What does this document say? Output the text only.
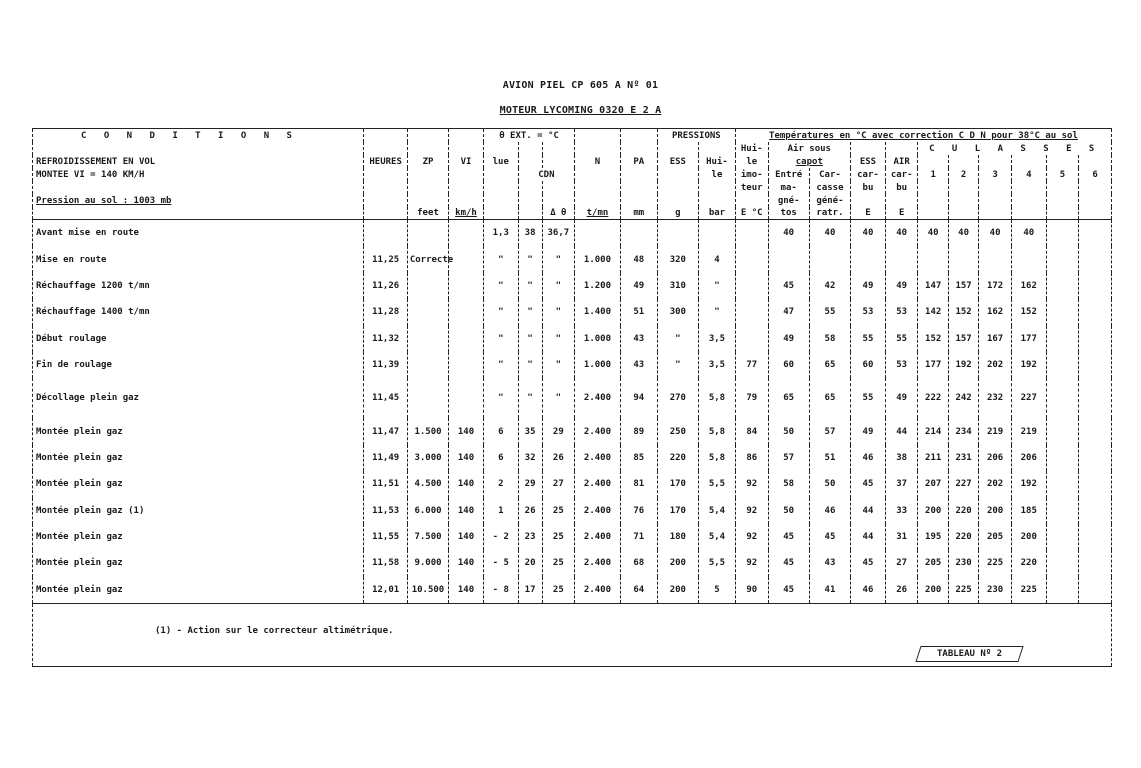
AVION PIEL CP 605 A Nº 01
MOTEUR LYCOMING 0320 E 2 A
C O N D I T I O N S				θ EXT. = °C					PRESSIONS		Températures en °C avec correction C D N pour 38°C au sol										
											Hui-	Air sous				C U L A S S E S					
REFROIDISSEMENT EN VOL	HEURES	ZP	VI	lue			N	PA	ESS	Hui-	le	capot		ESS	AIR						
MONTEE VI = 140 KM/H					CDN					le	imo-	Entré	Car-	car-	car-	1	2	3	4	5	6
											teur	ma-	casse	bu	bu						
Pression au sol : 1003 mb												gné-	géné-								
		feet	km/h			Δ θ	t/mn	mm	g	bar	E °C	tos	ratr.	E	E						
Avant mise en route				1,3	38	36,7						40	40	40	40	40	40	40	40		
Mise en route	11,25	Correcte		"	"	"	1.000	48	320	4											
Réchauffage 1200 t/mn	11,26			"	"	"	1.200	49	310	"		45	42	49	49	147	157	172	162		
Réchauffage 1400 t/mn	11,28			"	"	"	1.400	51	300	"		47	55	53	53	142	152	162	152		
Début roulage	11,32			"	"	"	1.000	43	"	3,5		49	58	55	55	152	157	167	177		
Fin de roulage	11,39			"	"	"	1.000	43	"	3,5	77	60	65	60	53	177	192	202	192		
Décollage plein gaz	11,45			"	"	"	2.400	94	270	5,8	79	65	65	55	49	222	242	232	227		
Montée plein gaz	11,47	1.500	140	6	35	29	2.400	89	250	5,8	84	50	57	49	44	214	234	219	219		
Montée plein gaz	11,49	3.000	140	6	32	26	2.400	85	220	5,8	86	57	51	46	38	211	231	206	206		
Montée plein gaz	11,51	4.500	140	2	29	27	2.400	81	170	5,5	92	58	50	45	37	207	227	202	192		
Montée plein gaz (1)	11,53	6.000	140	1	26	25	2.400	76	170	5,4	92	50	46	44	33	200	220	200	185		
Montée plein gaz	11,55	7.500	140	- 2	23	25	2.400	71	180	5,4	92	45	45	44	31	195	220	205	200		
Montée plein gaz	11,58	9.000	140	- 5	20	25	2.400	68	200	5,5	92	45	43	45	27	205	230	225	220		
Montée plein gaz	12,01	10.500	140	- 8	17	25	2.400	64	200	5	90	45	41	46	26	200	225	230	225		

(1) - Action sur le correcteur altimétrique.
TABLEAU Nº 2																					
